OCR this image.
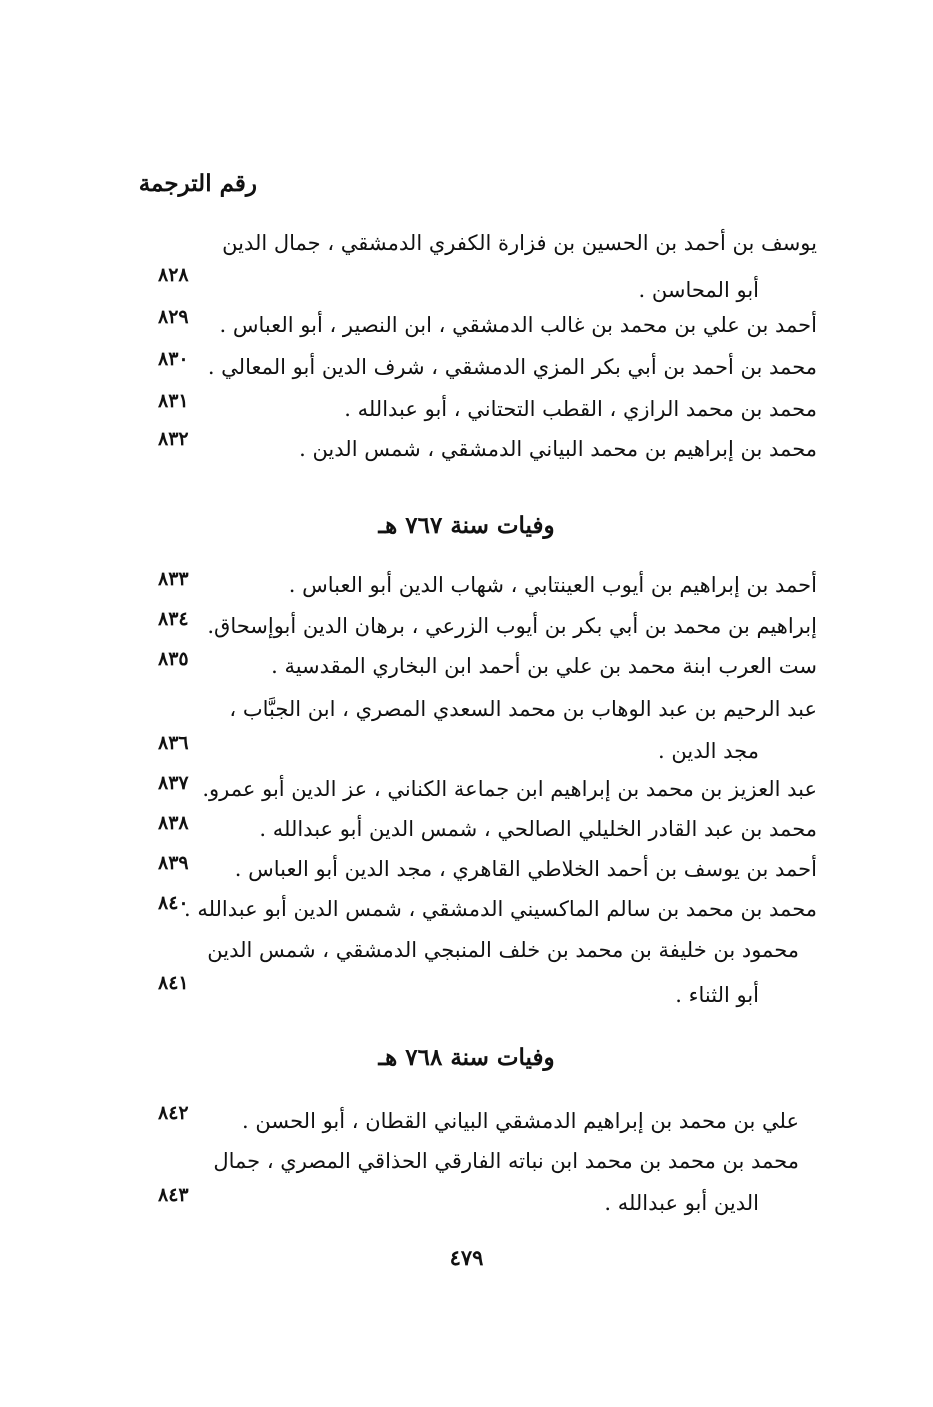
رقم الترجمة
يوسف بن أحمد بن الحسين بن فزارة الكفري الدمشقي ، جمال الدين
أبو المحاسن .
٨٢٨
أحمد بن علي بن محمد بن غالب الدمشقي ، ابن النصير ، أبو العباس .
٨٢٩
محمد بن أحمد بن أبي بكر المزي الدمشقي ، شرف الدين أبو المعالي .
٨٣٠
محمد بن محمد الرازي ، القطب التحتاني ، أبو عبدالله .
٨٣١
محمد بن إبراهيم بن محمد البياني الدمشقي ، شمس الدين .
٨٣٢
وفيات سنة ٧٦٧ هـ
أحمد بن إبراهيم بن أيوب العينتابي ، شهاب الدين أبو العباس .
٨٣٣
إبراهيم بن محمد بن أبي بكر بن أيوب الزرعي ، برهان الدين أبوإسحاق.
٨٣٤
ست العرب ابنة محمد بن علي بن أحمد ابن البخاري المقدسية .
٨٣٥
عبد الرحيم بن عبد الوهاب بن محمد السعدي المصري ، ابن الجبَّاب ،
مجد الدين .
٨٣٦
عبد العزيز بن محمد بن إبراهيم ابن جماعة الكناني ، عز الدين أبو عمرو.
٨٣٧
محمد بن عبد القادر الخليلي الصالحي ، شمس الدين أبو عبدالله .
٨٣٨
أحمد بن يوسف بن أحمد الخلاطي القاهري ، مجد الدين أبو العباس .
٨٣٩
محمد بن محمد بن سالم الماكسيني الدمشقي ، شمس الدين أبو عبدالله .
٨٤٠
محمود بن خليفة بن محمد بن خلف المنبجي الدمشقي ، شمس الدين
أبو الثناء .
٨٤١
وفيات سنة ٧٦٨ هـ
علي بن محمد بن إبراهيم الدمشقي البياني القطان ، أبو الحسن .
٨٤٢
محمد بن محمد بن محمد ابن نباته الفارقي الحذاقي المصري ، جمال
الدين أبو عبدالله .
٨٤٣
٤٧٩
